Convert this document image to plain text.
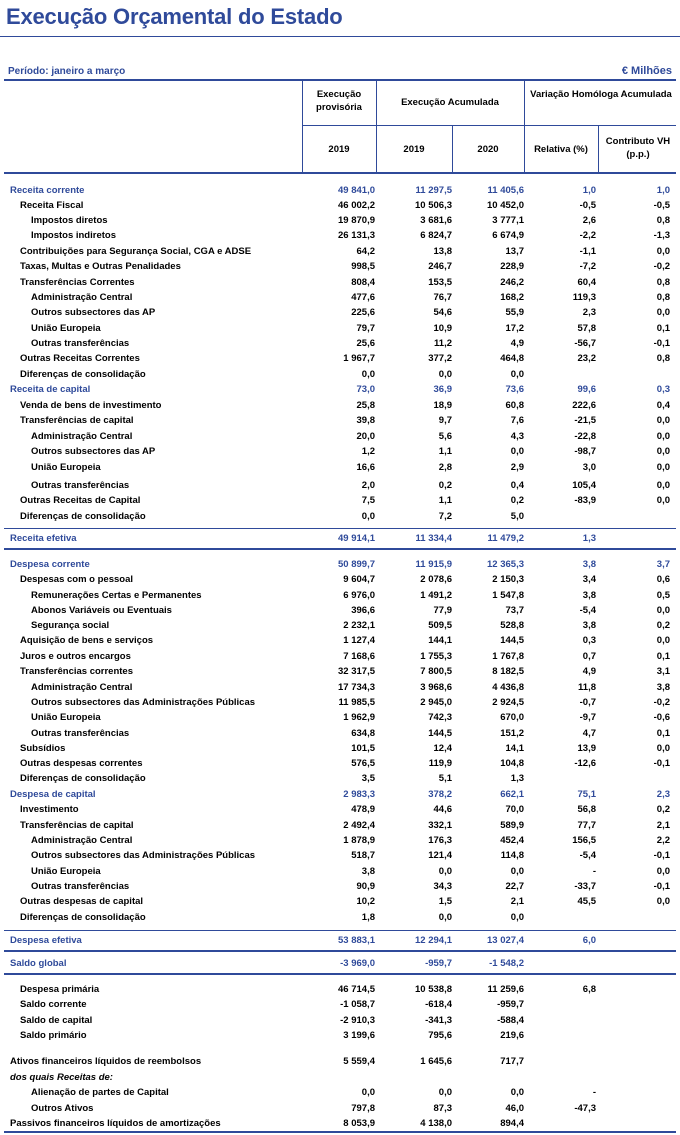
Execução Orçamental do Estado
Período: janeiro a março	€ Milhões
Execução provisória	Execução Acumulada
Variação Homóloga Acumulada
2019	2019	2020	Relativa (%)
Contributo VH (p.p.)
Receita corrente	49 841,0	11 297,5	11 405,6	1,0	1,0
Receita Fiscal	46 002,2	10 506,3	10 452,0	-0,5	-0,5
Impostos diretos	19 870,9	3 681,6	3 777,1	2,6	0,8
Impostos indiretos	26 131,3	6 824,7	6 674,9	-2,2	-1,3
Contribuições para Segurança Social, CGA e ADSE	64,2	13,8	13,7	-1,1	0,0
Taxas, Multas e Outras Penalidades	998,5	246,7	228,9	-7,2	-0,2
Transferências Correntes	808,4	153,5	246,2	60,4	0,8
Administração Central	477,6	76,7	168,2	119,3	0,8
Outros subsectores das AP	225,6	54,6	55,9	2,3	0,0
União Europeia	79,7	10,9	17,2	57,8	0,1
Outras transferências	25,6	11,2	4,9	-56,7	-0,1
Outras Receitas Correntes	1 967,7	377,2	464,8	23,2	0,8
Diferenças de consolidação	0,0	0,0	0,0
Receita de capital	73,0	36,9	73,6	99,6	0,3
Venda de bens de investimento	25,8	18,9	60,8	222,6	0,4
Transferências de capital	39,8	9,7	7,6	-21,5	0,0
Administração Central	20,0	5,6	4,3	-22,8	0,0
Outros subsectores das AP	1,2	1,1	0,0	-98,7	0,0
União Europeia	16,6	2,8	2,9	3,0	0,0
Outras transferências	2,0	0,2	0,4	105,4	0,0
Outras Receitas de Capital	7,5	1,1	0,2	-83,9	0,0
Diferenças de consolidação	0,0	7,2	5,0
Receita efetiva	49 914,1	11 334,4	11 479,2	1,3
Despesa corrente	50 899,7	11 915,9	12 365,3	3,8	3,7
Despesas com o pessoal	9 604,7	2 078,6	2 150,3	3,4	0,6
Remunerações Certas e Permanentes	6 976,0	1 491,2	1 547,8	3,8	0,5
Abonos Variáveis ou Eventuais	396,6	77,9	73,7	-5,4	0,0
Segurança social	2 232,1	509,5	528,8	3,8	0,2
Aquisição de bens e serviços	1 127,4	144,1	144,5	0,3	0,0
Juros e outros encargos	7 168,6	1 755,3	1 767,8	0,7	0,1
Transferências correntes	32 317,5	7 800,5	8 182,5	4,9	3,1
Administração Central	17 734,3	3 968,6	4 436,8	11,8	3,8
Outros subsectores das Administrações Públicas	11 985,5	2 945,0	2 924,5	-0,7	-0,2
União Europeia	1 962,9	742,3	670,0	-9,7	-0,6
Outras transferências	634,8	144,5	151,2	4,7	0,1
Subsídios	101,5	12,4	14,1	13,9	0,0
Outras despesas correntes	576,5	119,9	104,8	-12,6	-0,1
Diferenças de consolidação	3,5	5,1	1,3
Despesa de capital	2 983,3	378,2	662,1	75,1	2,3
Investimento	478,9	44,6	70,0	56,8	0,2
Transferências de capital	2 492,4	332,1	589,9	77,7	2,1
Administração Central	1 878,9	176,3	452,4	156,5	2,2
Outros subsectores das Administrações Públicas	518,7	121,4	114,8	-5,4	-0,1
União Europeia	3,8	0,0	0,0	-	0,0
Outras transferências	90,9	34,3	22,7	-33,7	-0,1
Outras despesas de capital	10,2	1,5	2,1	45,5	0,0
Diferenças de consolidação	1,8	0,0	0,0
Despesa efetiva	53 883,1	12 294,1	13 027,4	6,0
Saldo global	-3 969,0	-959,7	-1 548,2
Despesa primária	46 714,5	10 538,8	11 259,6	6,8
Saldo corrente	-1 058,7	-618,4	-959,7
Saldo de capital	-2 910,3	-341,3	-588,4
Saldo primário	3 199,6	795,6	219,6
Ativos financeiros líquidos de reembolsos	5 559,4	1 645,6	717,7
dos quais Receitas de:
Alienação de partes de Capital	0,0	0,0	0,0	-
Outros Ativos	797,8	87,3	46,0	-47,3
Passivos financeiros líquidos de amortizações	8 053,9	4 138,0	894,4
